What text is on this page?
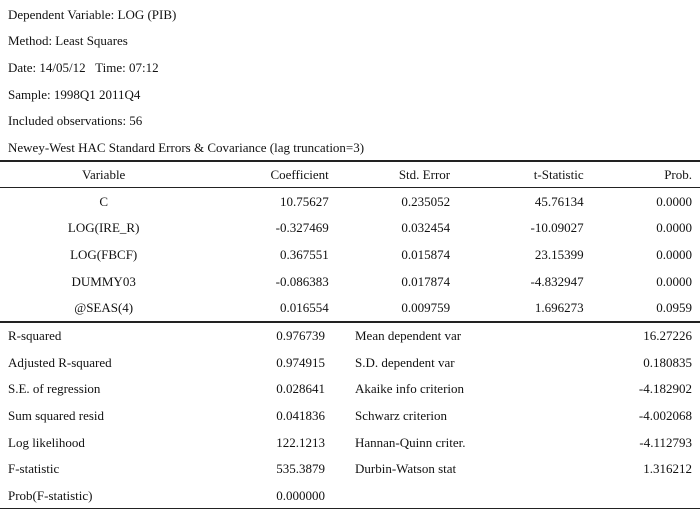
Dependent Variable: LOG (PIB)
Method: Least Squares
Date: 14/05/12   Time: 07:12
Sample: 1998Q1 2011Q4
Included observations: 56
Newey-West HAC Standard Errors & Covariance (lag truncation=3)
Variable	Coefficient	Std. Error	t-Statistic	Prob.
C	10.75627	0.235052	45.76134	0.0000
LOG(IRE_R)	-0.327469	0.032454	-10.09027	0.0000
LOG(FBCF)	0.367551	0.015874	23.15399	0.0000
DUMMY03	-0.086383	0.017874	-4.832947	0.0000
@SEAS(4)	0.016554	0.009759	1.696273	0.0959
R-squared	0.976739	Mean dependent var	16.27226
Adjusted R-squared	0.974915	S.D. dependent var	0.180835
S.E. of regression	0.028641	Akaike info criterion	-4.182902
Sum squared resid	0.041836	Schwarz criterion	-4.002068
Log likelihood	122.1213	Hannan-Quinn criter.	-4.112793
F-statistic	535.3879	Durbin-Watson stat	1.316212
Prob(F-statistic)	0.000000		
